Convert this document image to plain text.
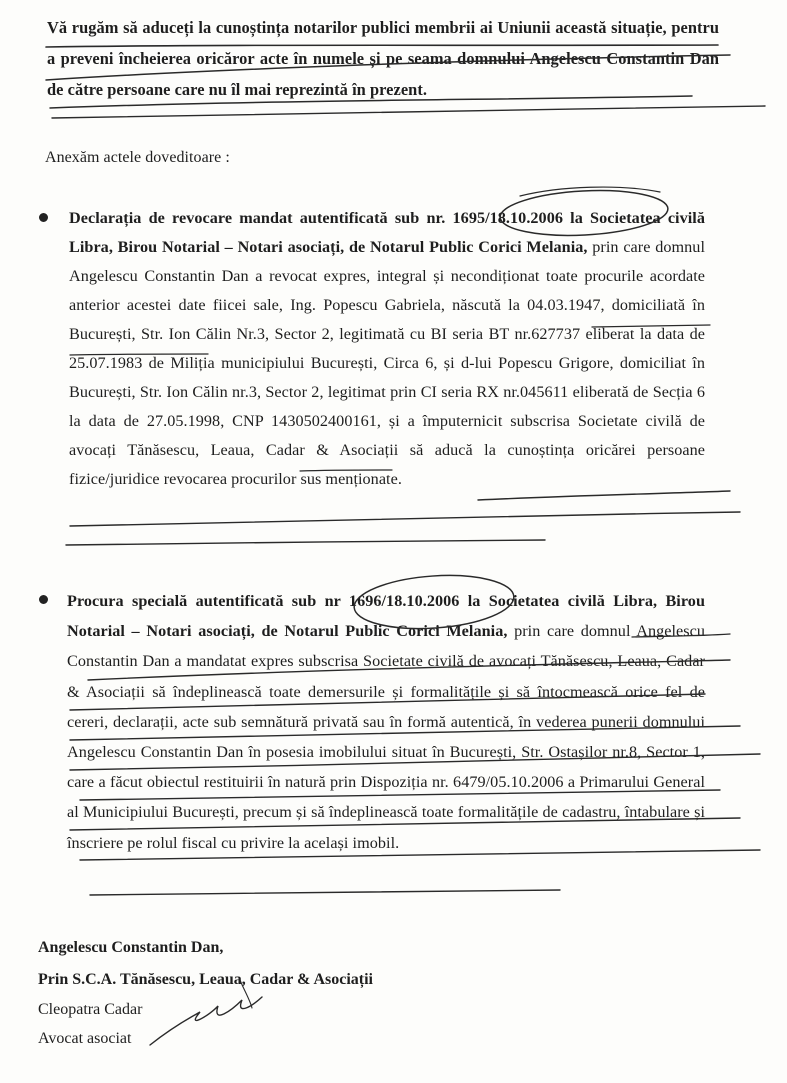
Vă rugăm să aduceți la cunoștința notarilor publici membrii ai Uniunii această situație, pentru a preveni încheierea oricăror acte în numele și pe seama domnului Angelescu Constantin Dan de către persoane care nu îl mai reprezintă în prezent.

Anexăm actele doveditoare :

Declarația de revocare mandat autentificată sub nr. 1695/18.10.2006 la Societatea civilă Libra, Birou Notarial – Notari asociați, de Notarul Public Corici Melania, prin care domnul Angelescu Constantin Dan a revocat expres, integral și necondiționat toate procurile acordate anterior acestei date fiicei sale, Ing. Popescu Gabriela, născută la 04.03.1947, domiciliată în București, Str. Ion Călin Nr.3, Sector 2, legitimată cu BI seria BT nr.627737 eliberat la data de 25.07.1983 de Miliția municipiului București, Circa 6, și d-lui Popescu Grigore, domiciliat în București, Str. Ion Călin nr.3, Sector 2, legitimat prin CI seria RX nr.045611 eliberată de Secția 6 la data de 27.05.1998, CNP 1430502400161, și a împuternicit subscrisa Societate civilă de avocați Tănăsescu, Leaua, Cadar & Asociații să aducă la cunoștința oricărei persoane fizice/juridice revocarea procurilor sus menționate.

Procura specială autentificată sub nr 1696/18.10.2006 la Societatea civilă Libra, Birou Notarial – Notari asociați, de Notarul Public Corici Melania, prin care domnul Angelescu Constantin Dan a mandatat expres subscrisa Societate civilă de avocați Tănăsescu, Leaua, Cadar & Asociații să îndeplinească toate demersurile și formalitățile și să întocmească orice fel de cereri, declarații, acte sub semnătură privată sau în formă autentică, în vederea punerii domnului Angelescu Constantin Dan în posesia imobilului situat în București, Str. Ostașilor nr.8, Sector 1, care a făcut obiectul restituirii în natură prin Dispoziția nr. 6479/05.10.2006 a Primarului General al Municipiului București, precum și să îndeplinească toate formalitățile de cadastru, întabulare și înscriere pe rolul fiscal cu privire la același imobil.

Angelescu Constantin Dan,

Prin S.C.A. Tănăsescu, Leaua, Cadar & Asociații

Cleopatra Cadar

Avocat asociat
